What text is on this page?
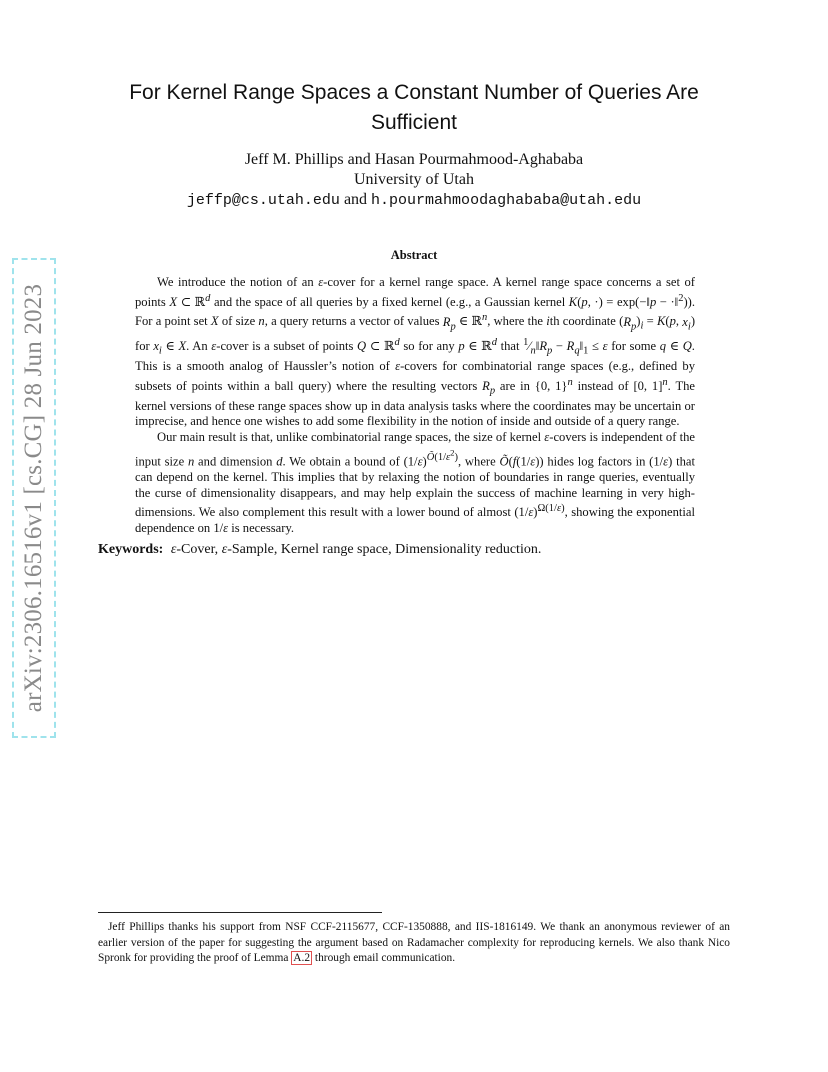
arXiv:2306.16516v1 [cs.CG] 28 Jun 2023
For Kernel Range Spaces a Constant Number of Queries Are Sufficient
Jeff M. Phillips and Hasan Pourmahmood-Aghababa
University of Utah
jeffp@cs.utah.edu and h.pourmahmoodaghababa@utah.edu
Abstract

We introduce the notion of an ε-cover for a kernel range space. A kernel range space concerns a set of points X ⊂ ℝ$^d$ and the space of all queries by a fixed kernel (e.g., a Gaussian kernel K(p, ·) = exp(−‖p − ·‖$^2$)). For a point set X of size n, a query returns a vector of values $R_p$ ∈ ℝ$^n$, where the ith coordinate $(R_p)_i = K(p$, $x_i$) for $x_i$ ∈ X. An ε-cover is a subset of points Q ⊂ ℝ$^d$ so for any p ∈ ℝ$^d$ that $^1⁄_n‖R_p$ − $R_q‖_1 \le \varepsilon$ for some q ∈ Q. This is a smooth analog of Haussler’s notion of ε-covers for combinatorial range spaces (e.g., defined by subsets of points within a ball query) where the resulting vectors $R_p$ are in {0, 1}$^n$ instead of [0, 1]$^n$. The kernel versions of these range spaces show up in data analysis tasks where the coordinates may be uncertain or imprecise, and hence one wishes to add some flexibility in the notion of inside and outside of a query range.

Our main result is that, unlike combinatorial range spaces, the size of kernel ε-covers is independent of the input size n and dimension d. We obtain a bound of $(1/\varepsilon)^{Õ(1/\varepsilon^2)}$, where Õ(f(1/ε)) hides log factors in (1/ε) that can depend on the kernel. This implies that by relaxing the notion of boundaries in range queries, eventually the curse of dimensionality disappears, and may help explain the success of machine learning in very high-dimensions. We also complement this result with a lower bound of almost $(1/\varepsilon)^{\Omega(1/\varepsilon)}$, showing the exponential dependence on 1/ε is necessary.

Keywords: ε-Cover, ε-Sample, Kernel range space, Dimensionality reduction.

Jeff Phillips thanks his support from NSF CCF-2115677, CCF-1350888, and IIS-1816149. We thank an anonymous reviewer of an earlier version of the paper for suggesting the argument based on Radamacher complexity for reproducing kernels. We also thank Nico Spronk for providing the proof of Lemma A.2 through email communication.
